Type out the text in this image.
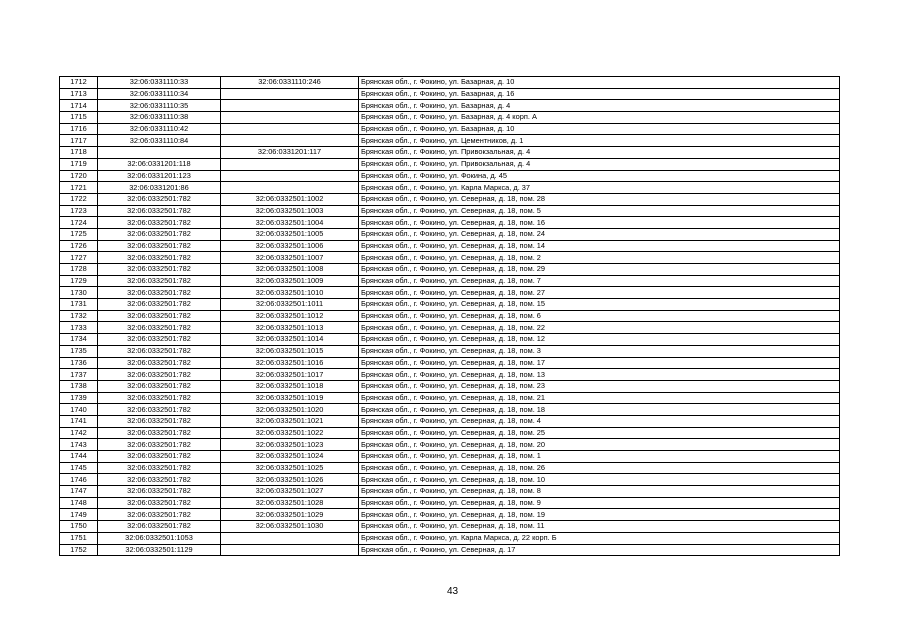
1712	32:06:0331110:33	32:06:0331110:246	Брянская обл., г. Фокино, ул. Базарная, д. 10
1713	32:06:0331110:34		Брянская обл., г. Фокино, ул. Базарная, д. 16
1714	32:06:0331110:35		Брянская обл., г. Фокино, ул. Базарная, д. 4
1715	32:06:0331110:38		Брянская обл., г. Фокино, ул. Базарная, д. 4 корп. А
1716	32:06:0331110:42		Брянская обл., г. Фокино, ул. Базарная, д. 10
1717	32:06:0331110:84		Брянская обл., г. Фокино, ул. Цементников, д. 1
1718		32:06:0331201:117	Брянская обл., г. Фокино, ул. Привокзальная, д. 4
1719	32:06:0331201:118		Брянская обл., г. Фокино, ул. Привокзальная, д. 4
1720	32:06:0331201:123		Брянская обл., г. Фокино, ул. Фокина, д. 45
1721	32:06:0331201:86		Брянская обл., г. Фокино, ул. Карла Маркса, д. 37
1722	32:06:0332501:782	32:06:0332501:1002	Брянская обл., г. Фокино, ул. Северная, д. 18, пом. 28
1723	32:06:0332501:782	32:06:0332501:1003	Брянская обл., г. Фокино, ул. Северная, д. 18, пом. 5
1724	32:06:0332501:782	32:06:0332501:1004	Брянская обл., г. Фокино, ул. Северная, д. 18, пом. 16
1725	32:06:0332501:782	32:06:0332501:1005	Брянская обл., г. Фокино, ул. Северная, д. 18, пом. 24
1726	32:06:0332501:782	32:06:0332501:1006	Брянская обл., г. Фокино, ул. Северная, д. 18, пом. 14
1727	32:06:0332501:782	32:06:0332501:1007	Брянская обл., г. Фокино, ул. Северная, д. 18, пом. 2
1728	32:06:0332501:782	32:06:0332501:1008	Брянская обл., г. Фокино, ул. Северная, д. 18, пом. 29
1729	32:06:0332501:782	32:06:0332501:1009	Брянская обл., г. Фокино, ул. Северная, д. 18, пом. 7
1730	32:06:0332501:782	32:06:0332501:1010	Брянская обл., г. Фокино, ул. Северная, д. 18, пом. 27
1731	32:06:0332501:782	32:06:0332501:1011	Брянская обл., г. Фокино, ул. Северная, д. 18, пом. 15
1732	32:06:0332501:782	32:06:0332501:1012	Брянская обл., г. Фокино, ул. Северная, д. 18, пом. 6
1733	32:06:0332501:782	32:06:0332501:1013	Брянская обл., г. Фокино, ул. Северная, д. 18, пом. 22
1734	32:06:0332501:782	32:06:0332501:1014	Брянская обл., г. Фокино, ул. Северная, д. 18, пом. 12
1735	32:06:0332501:782	32:06:0332501:1015	Брянская обл., г. Фокино, ул. Северная, д. 18, пом. 3
1736	32:06:0332501:782	32:06:0332501:1016	Брянская обл., г. Фокино, ул. Северная, д. 18, пом. 17
1737	32:06:0332501:782	32:06:0332501:1017	Брянская обл., г. Фокино, ул. Северная, д. 18, пом. 13
1738	32:06:0332501:782	32:06:0332501:1018	Брянская обл., г. Фокино, ул. Северная, д. 18, пом. 23
1739	32:06:0332501:782	32:06:0332501:1019	Брянская обл., г. Фокино, ул. Северная, д. 18, пом. 21
1740	32:06:0332501:782	32:06:0332501:1020	Брянская обл., г. Фокино, ул. Северная, д. 18, пом. 18
1741	32:06:0332501:782	32:06:0332501:1021	Брянская обл., г. Фокино, ул. Северная, д. 18, пом. 4
1742	32:06:0332501:782	32:06:0332501:1022	Брянская обл., г. Фокино, ул. Северная, д. 18, пом. 25
1743	32:06:0332501:782	32:06:0332501:1023	Брянская обл., г. Фокино, ул. Северная, д. 18, пом. 20
1744	32:06:0332501:782	32:06:0332501:1024	Брянская обл., г. Фокино, ул. Северная, д. 18, пом. 1
1745	32:06:0332501:782	32:06:0332501:1025	Брянская обл., г. Фокино, ул. Северная, д. 18, пом. 26
1746	32:06:0332501:782	32:06:0332501:1026	Брянская обл., г. Фокино, ул. Северная, д. 18, пом. 10
1747	32:06:0332501:782	32:06:0332501:1027	Брянская обл., г. Фокино, ул. Северная, д. 18, пом. 8
1748	32:06:0332501:782	32:06:0332501:1028	Брянская обл., г. Фокино, ул. Северная, д. 18, пом. 9
1749	32:06:0332501:782	32:06:0332501:1029	Брянская обл., г. Фокино, ул. Северная, д. 18, пом. 19
1750	32:06:0332501:782	32:06:0332501:1030	Брянская обл., г. Фокино, ул. Северная, д. 18, пом. 11
1751	32:06:0332501:1053		Брянская обл., г. Фокино, ул. Карла Маркса, д. 22 корп. Б
1752	32:06:0332501:1129		Брянская обл., г. Фокино, ул. Северная, д. 17
43
